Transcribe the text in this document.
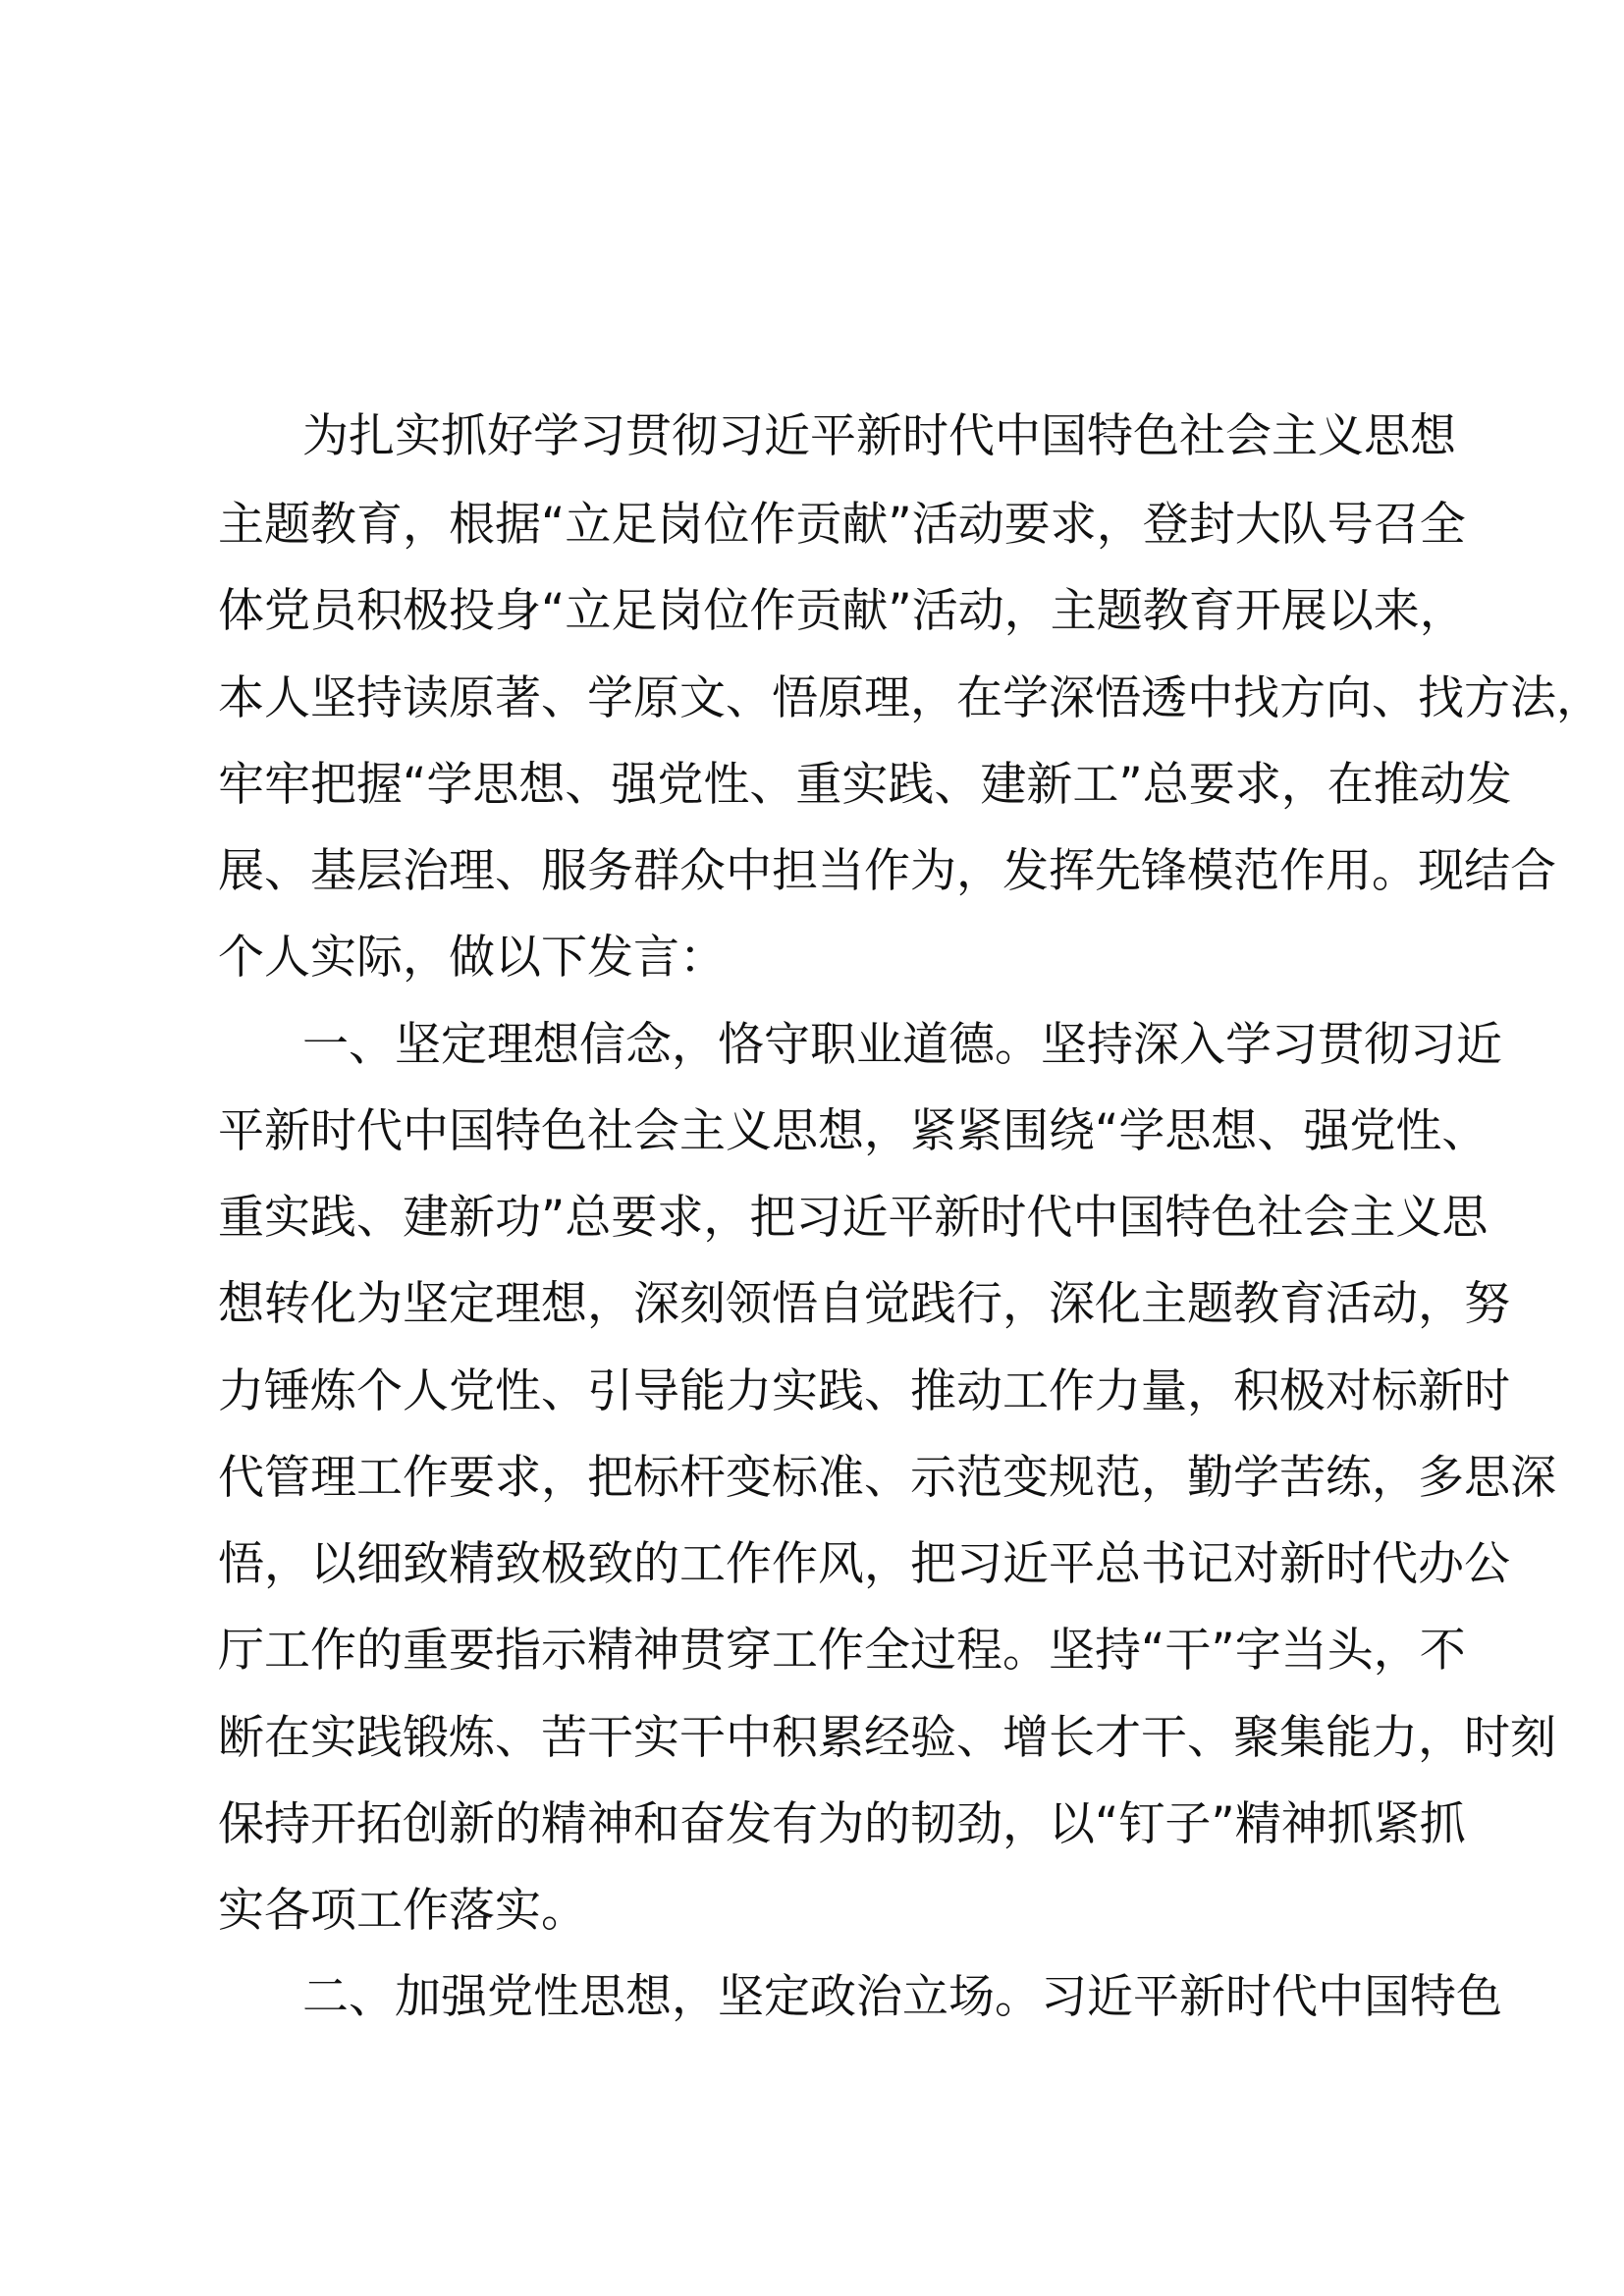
为扎实抓好学习贯彻习近平新时代中国特色社会主义思想
主题教育，根据“立足岗位作贡献”活动要求，登封大队号召全
体党员积极投身“立足岗位作贡献”活动，主题教育开展以来，
本人坚持读原著、学原文、悟原理，在学深悟透中找方向、找方法，
牢牢把握“学思想、强党性、重实践、建新工”总要求，在推动发
展、基层治理、服务群众中担当作为，发挥先锋模范作用。现结合
个人实际，做以下发言：
一、坚定理想信念，恪守职业道德。坚持深入学习贯彻习近
平新时代中国特色社会主义思想，紧紧围绕“学思想、强党性、
重实践、建新功”总要求，把习近平新时代中国特色社会主义思
想转化为坚定理想，深刻领悟自觉践行，深化主题教育活动，努
力锤炼个人党性、引导能力实践、推动工作力量，积极对标新时
代管理工作要求，把标杆变标准、示范变规范，勤学苦练，多思深
悟，以细致精致极致的工作作风，把习近平总书记对新时代办公
厅工作的重要指示精神贯穿工作全过程。坚持“干”字当头，不
断在实践锻炼、苦干实干中积累经验、增长才干、聚集能力，时刻
保持开拓创新的精神和奋发有为的韧劲，以“钉子”精神抓紧抓
实各项工作落实。
二、加强党性思想，坚定政治立场。习近平新时代中国特色
